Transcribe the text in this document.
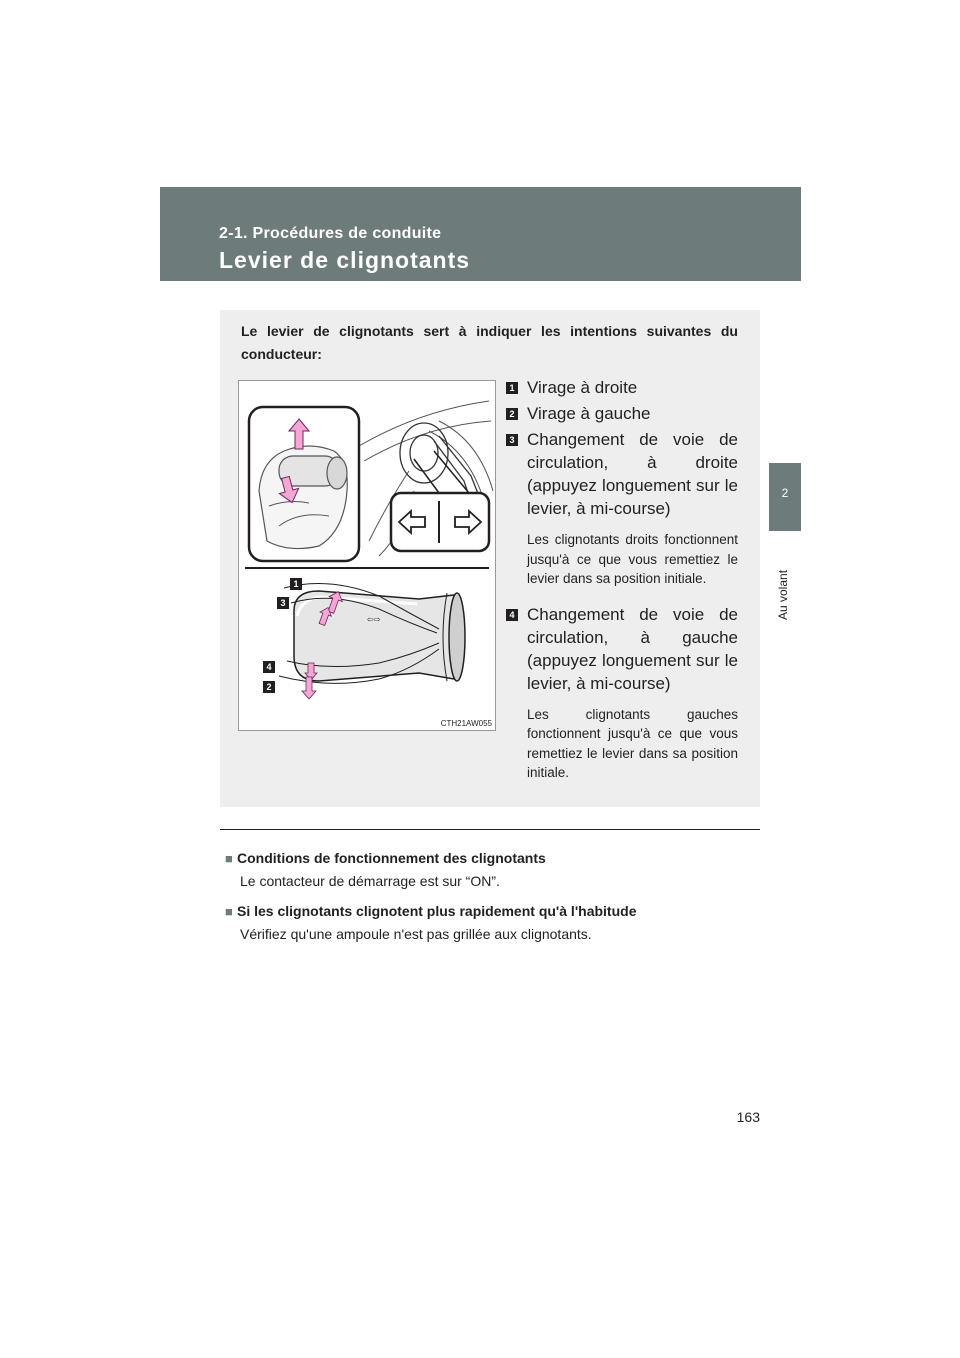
2-1. Procédures de conduite
Levier de clignotants
2
Au volant
Le levier de clignotants sert à indiquer les intentions suivantes du conducteur:
⇦⇨
1
3
4
2
CTH21AW055
1 Virage à droite
2 Virage à gauche
3 Changement de voie de circulation, à droite (appuyez longuement sur le levier, à mi-course)
Les clignotants droits fonctionnent jusqu'à ce que vous remettiez le levier dans sa position initiale.
4 Changement de voie de circulation, à gauche (appuyez longuement sur le levier, à mi-course)
Les clignotants gauches fonctionnent jusqu'à ce que vous remettiez le levier dans sa position initiale.
■ Conditions de fonctionnement des clignotants
Le contacteur de démarrage est sur “ON”.
■ Si les clignotants clignotent plus rapidement qu'à l'habitude
Vérifiez qu'une ampoule n'est pas grillée aux clignotants.
163
